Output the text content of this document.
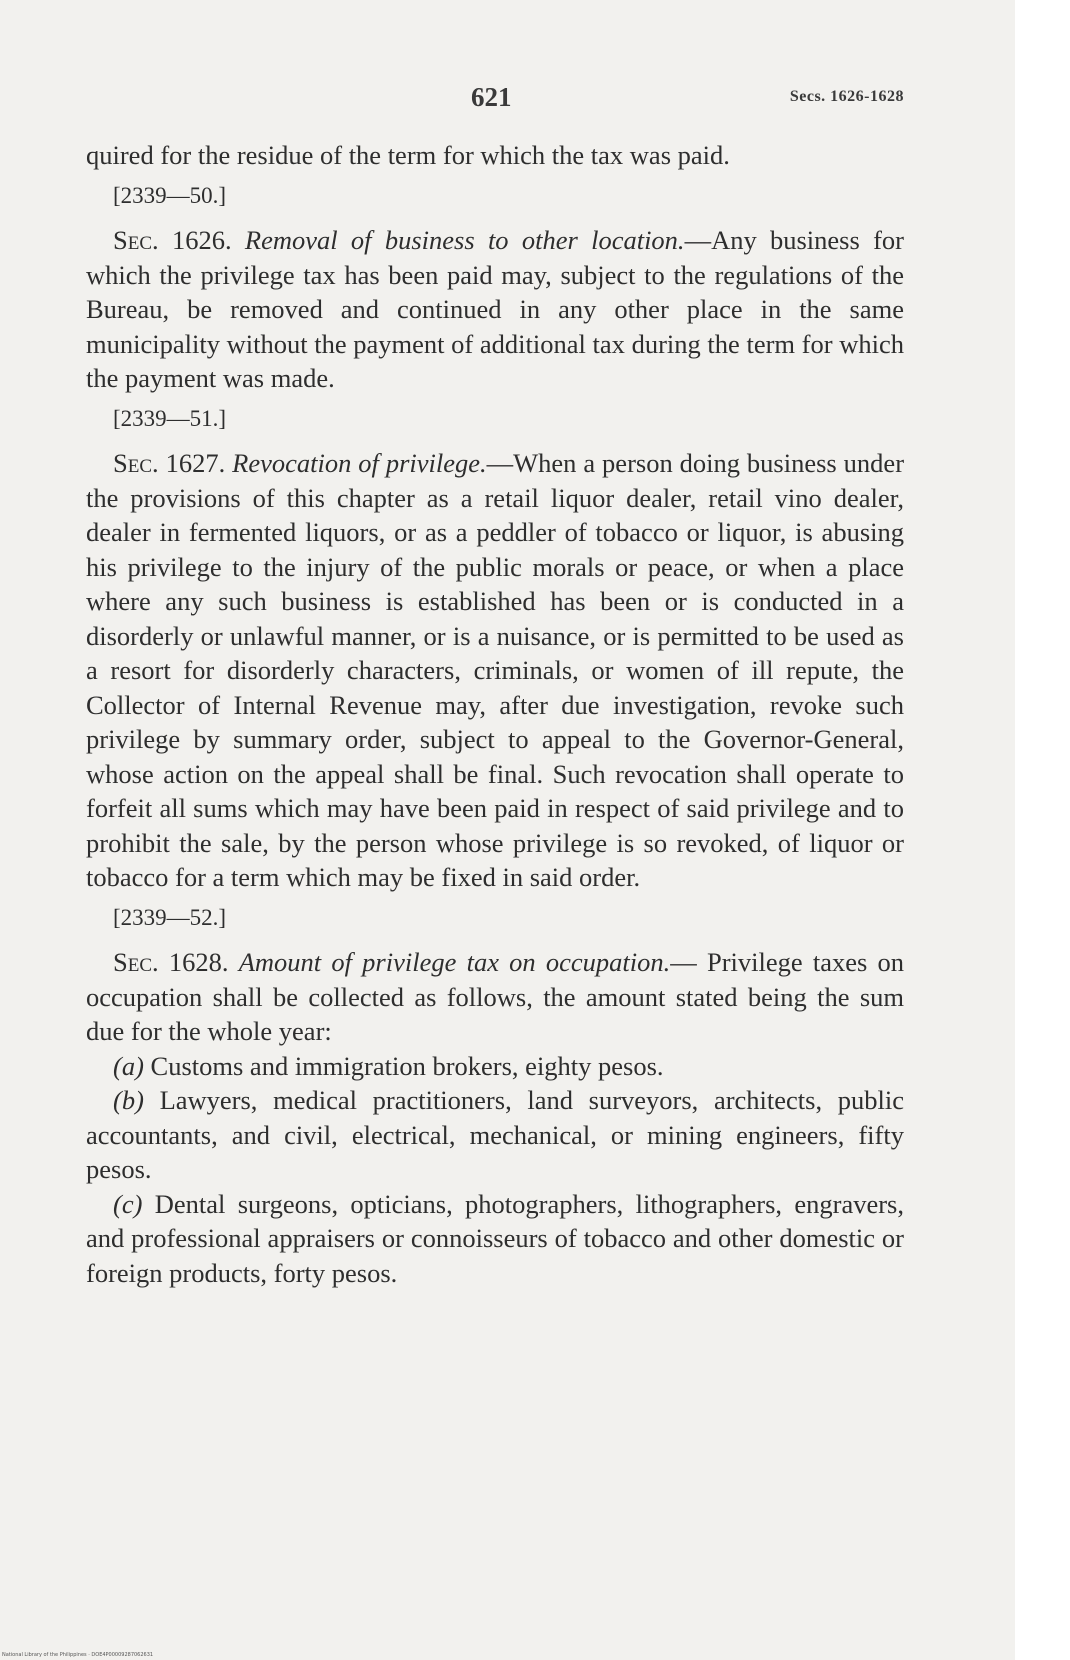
621	Secs. 1626-1628

quired for the residue of the term for which the tax was paid.

[2339—50.]

Sec. 1626. Removal of business to other location.—Any business for which the privilege tax has been paid may, subject to the regulations of the Bureau, be removed and continued in any other place in the same municipality without the payment of additional tax during the term for which the payment was made.

[2339—51.]

Sec. 1627. Revocation of privilege.—When a person doing business under the provisions of this chapter as a retail liquor dealer, retail vino dealer, dealer in fermented liquors, or as a peddler of tobacco or liquor, is abusing his privilege to the injury of the public morals or peace, or when a place where any such business is established has been or is conducted in a disorderly or unlawful manner, or is a nuisance, or is permitted to be used as a resort for disorderly characters, criminals, or women of ill repute, the Collector of Internal Revenue may, after due investigation, revoke such privilege by summary order, subject to appeal to the Governor-General, whose action on the appeal shall be final. Such revocation shall operate to forfeit all sums which may have been paid in respect of said privilege and to prohibit the sale, by the person whose privilege is so revoked, of liquor or tobacco for a term which may be fixed in said order.

[2339—52.]

Sec. 1628. Amount of privilege tax on occupation.— Privilege taxes on occupation shall be collected as follows, the amount stated being the sum due for the whole year:

(a) Customs and immigration brokers, eighty pesos.

(b) Lawyers, medical practitioners, land surveyors, architects, public accountants, and civil, electrical, mechanical, or mining engineers, fifty pesos.

(c) Dental surgeons, opticians, photographers, lithographers, engravers, and professional appraisers or connoisseurs of tobacco and other domestic or foreign products, forty pesos.

National Library of the Philippines · DOE4P00009287062631
